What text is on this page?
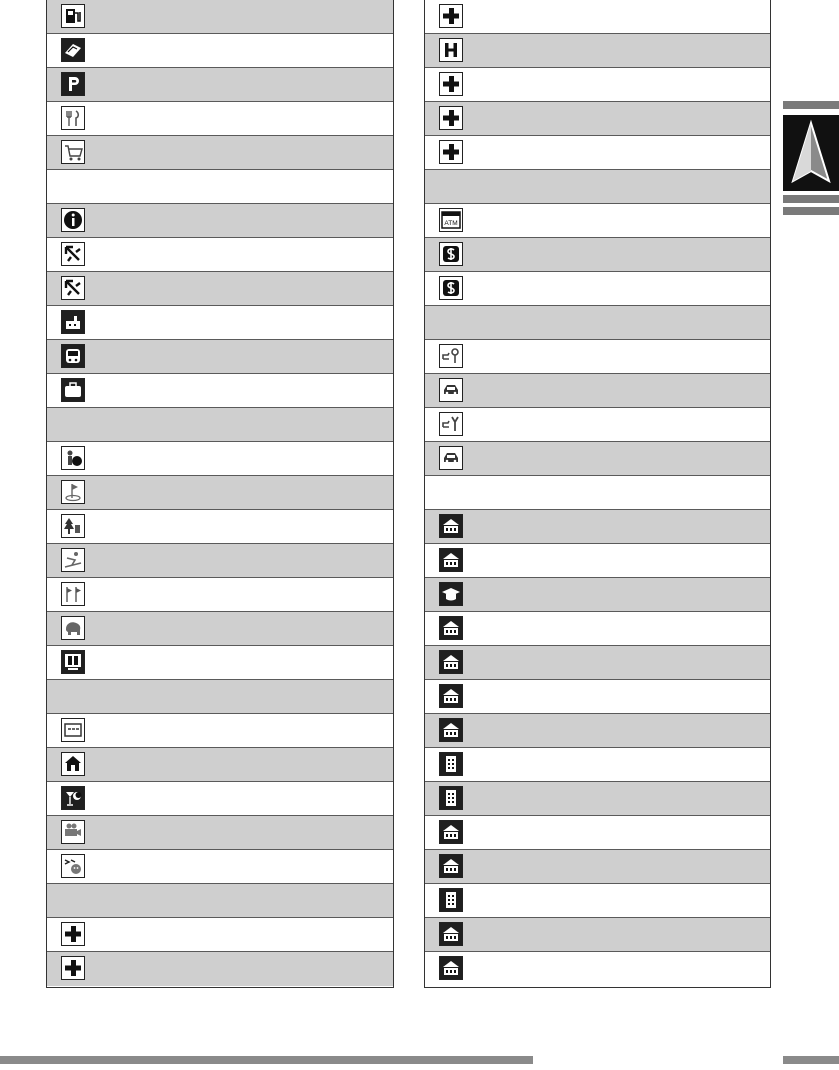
ATM
